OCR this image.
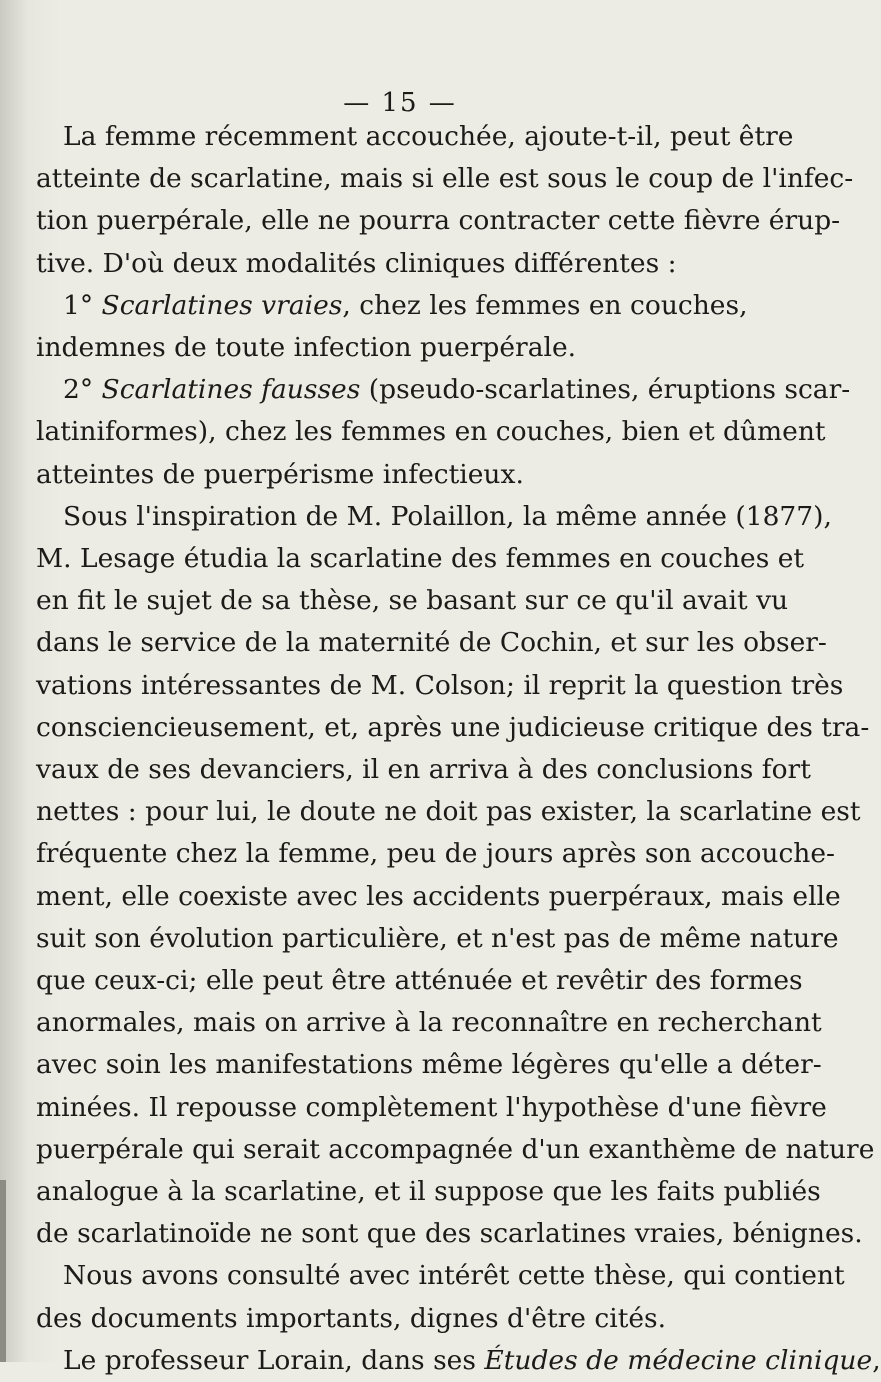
— 15 —
La femme récemment accouchée, ajoute-t-il, peut être
atteinte de scarlatine, mais si elle est sous le coup de l'infec-
tion puerpérale, elle ne pourra contracter cette fièvre érup-
tive. D'où deux modalités cliniques différentes :
1° Scarlatines vraies, chez les femmes en couches,
indemnes de toute infection puerpérale.
2° Scarlatines fausses (pseudo-scarlatines, éruptions scar-
latiniformes), chez les femmes en couches, bien et dûment
atteintes de puerpérisme infectieux.
Sous l'inspiration de M. Polaillon, la même année (1877),
M. Lesage étudia la scarlatine des femmes en couches et
en fit le sujet de sa thèse, se basant sur ce qu'il avait vu
dans le service de la maternité de Cochin, et sur les obser-
vations intéressantes de M. Colson; il reprit la question très
consciencieusement, et, après une judicieuse critique des tra-
vaux de ses devanciers, il en arriva à des conclusions fort
nettes : pour lui, le doute ne doit pas exister, la scarlatine est
fréquente chez la femme, peu de jours après son accouche-
ment, elle coexiste avec les accidents puerpéraux, mais elle
suit son évolution particulière, et n'est pas de même nature
que ceux-ci; elle peut être atténuée et revêtir des formes
anormales, mais on arrive à la reconnaître en recherchant
avec soin les manifestations même légères qu'elle a déter-
minées. Il repousse complètement l'hypothèse d'une fièvre
puerpérale qui serait accompagnée d'un exanthème de nature
analogue à la scarlatine, et il suppose que les faits publiés
de scarlatinoïde ne sont que des scarlatines vraies, bénignes.
Nous avons consulté avec intérêt cette thèse, qui contient
des documents importants, dignes d'être cités.
Le professeur Lorain, dans ses Études de médecine clinique,
